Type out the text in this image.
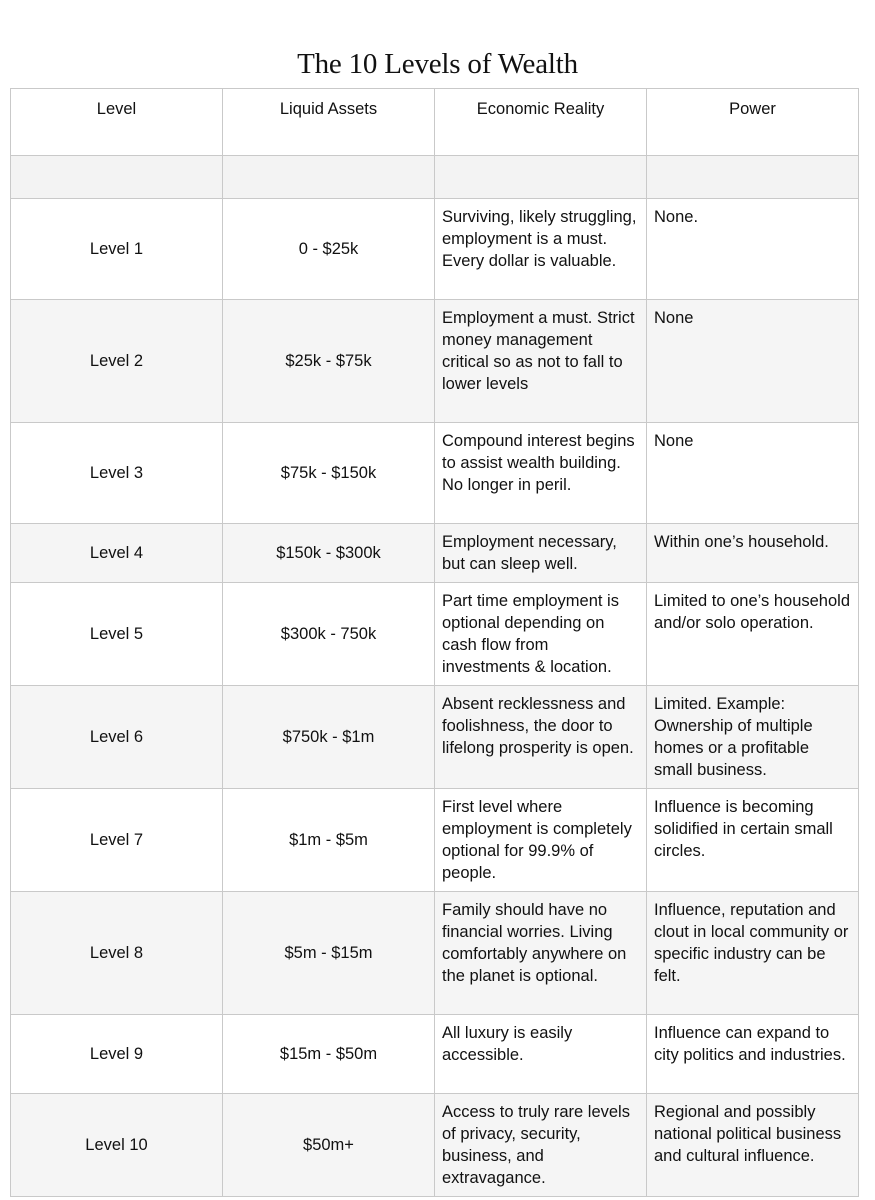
The 10 Levels of Wealth
Level	Liquid Assets	Economic Reality	Power

Level 1	0 - $25k	Surviving, likely struggling, employment is a must. Every dollar is valuable.	None.
Level 2	$25k - $75k	Employment a must. Strict money management critical so as not to fall to lower levels	None
Level 3	$75k - $150k	Compound interest begins to assist wealth building. No longer in peril.	None
Level 4	$150k - $300k	Employment necessary, but can sleep well.	Within one’s household.
Level 5	$300k - 750k	Part time employment is optional depending on cash flow from investments & location.	Limited to one’s household and/or solo operation.
Level 6	$750k - $1m	Absent recklessness and foolishness, the door to lifelong prosperity is open.	Limited. Example: Ownership of multiple homes or a profitable small business.
Level 7	$1m - $5m	First level where employment is completely optional for 99.9% of people.	Influence is becoming solidified in certain small circles.
Level 8	$5m - $15m	Family should have no financial worries. Living comfortably anywhere on the planet is optional.	Influence, reputation and clout in local community or specific industry can be felt.
Level 9	$15m - $50m	All luxury is easily accessible.	Influence can expand to city politics and industries.
Level 10	$50m+	Access to truly rare levels of privacy, security, business, and extravagance.	Regional and possibly national political business and cultural influence.
